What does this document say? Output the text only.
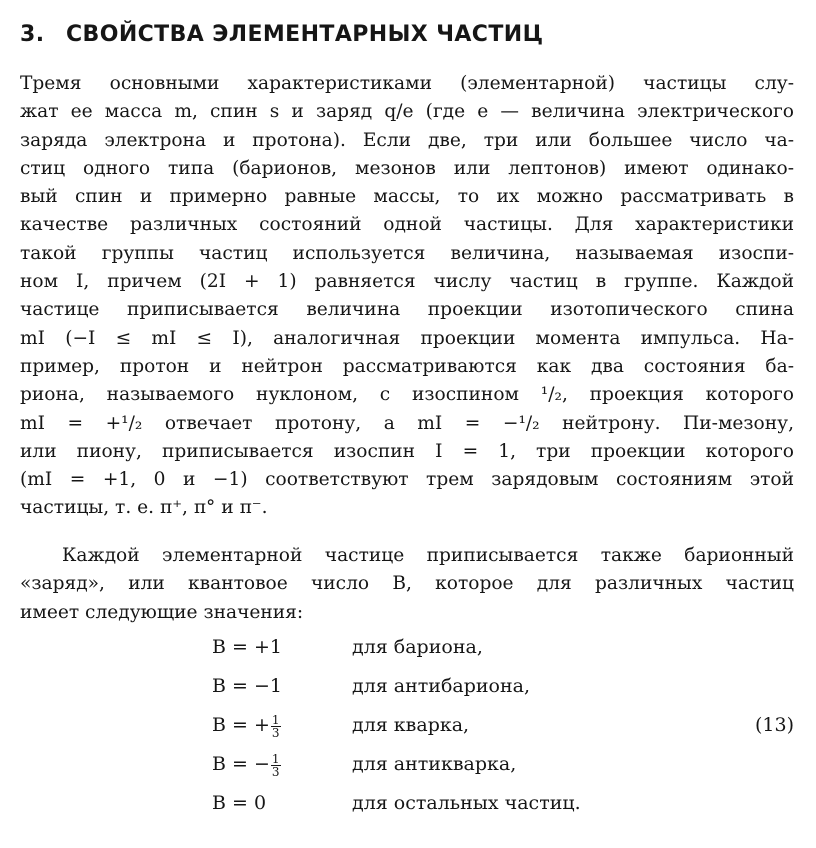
3. СВОЙСТВА ЭЛЕМЕНТАРНЫХ ЧАСТИЦ
Тремя основными характеристиками (элементарной) частицы слу-
жат ее масса m, спин s и заряд q/e (где e — величина электрического
заряда электрона и протона). Если две, три или большее число ча-
стиц одного типа (барионов, мезонов или лептонов) имеют одинако-
вый спин и примерно равные массы, то их можно рассматривать в
качестве различных состояний одной частицы. Для характеристики
такой группы частиц используется величина, называемая изоспи-
ном I, причем (2I + 1) равняется числу частиц в группе. Каждой
частице приписывается величина проекции изотопического спина
mI (−I ≤ mI ≤ I), аналогичная проекции момента импульса. На-
пример, протон и нейтрон рассматриваются как два состояния ба-
риона, называемого нуклоном, с изоспином ¹/₂, проекция которого
mI = +¹/₂ отвечает протону, а mI = −¹/₂ нейтрону. Пи-мезону,
или пиону, приписывается изоспин I = 1, три проекции которого
(mI = +1, 0 и −1) соответствуют трем зарядовым состояниям этой
частицы, т. е. π⁺, π° и π⁻.
Каждой элементарной частице приписывается также барионный
«заряд», или квантовое число B, которое для различных частиц
имеет следующие значения:
B = +1	для бариона,
B = −1	для антибариона,
B = + $\frac{1}{3}$	для кварка,	(13)
B = − $\frac{1}{3}$	для антикварка,
B = 0	для остальных частиц.
